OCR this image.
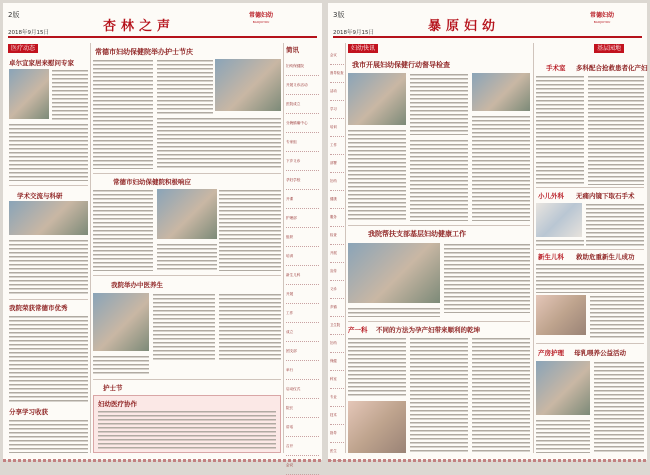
2版
2018年9月15日	杏林之声
常德妇幼
BAOJIUYOU
医疗动态
卓尔宜家居来慰问专家
学术交流与科研
我院荣获常德市优秀
分享学习收获
常德市妇幼保健院举办护士节庆
常德市妇幼保健院积极响应
我院举办中医养生
护士节
妇幼医疗协作
简讯
妇幼保健院
开展义诊活动
医院成立
分娩镇痛中心
专家组
下乡义诊
孕妇学校
开课
护理部
组织
培训
新生儿科
开展
工作
成立
团支部
举行
启动仪式
院长
讲话
召开
会议
3版
2018年9月15日	暴原妇幼
常德妇幼
BAOJIUYOU
妇幼快讯	基层园地
会议
督导检查
活动
学习
培训
工作
部署
妇幼
健康
服务
检查
开展
宣传
义诊
乡镇
卫生院
妇幼
保健
科室
专业
技术
指导
医生
我市开展妇幼保健行动督导检查
我院帮扶支部基层妇幼健康工作
产一科 不同的方法为孕产妇带来顺利的乾坤
手术室 多科配合抢救患者化产妇
小儿外科 无痛内镜下取石手术
新生儿科 救助危重新生儿成功
产房护理 母乳喂养公益活动
